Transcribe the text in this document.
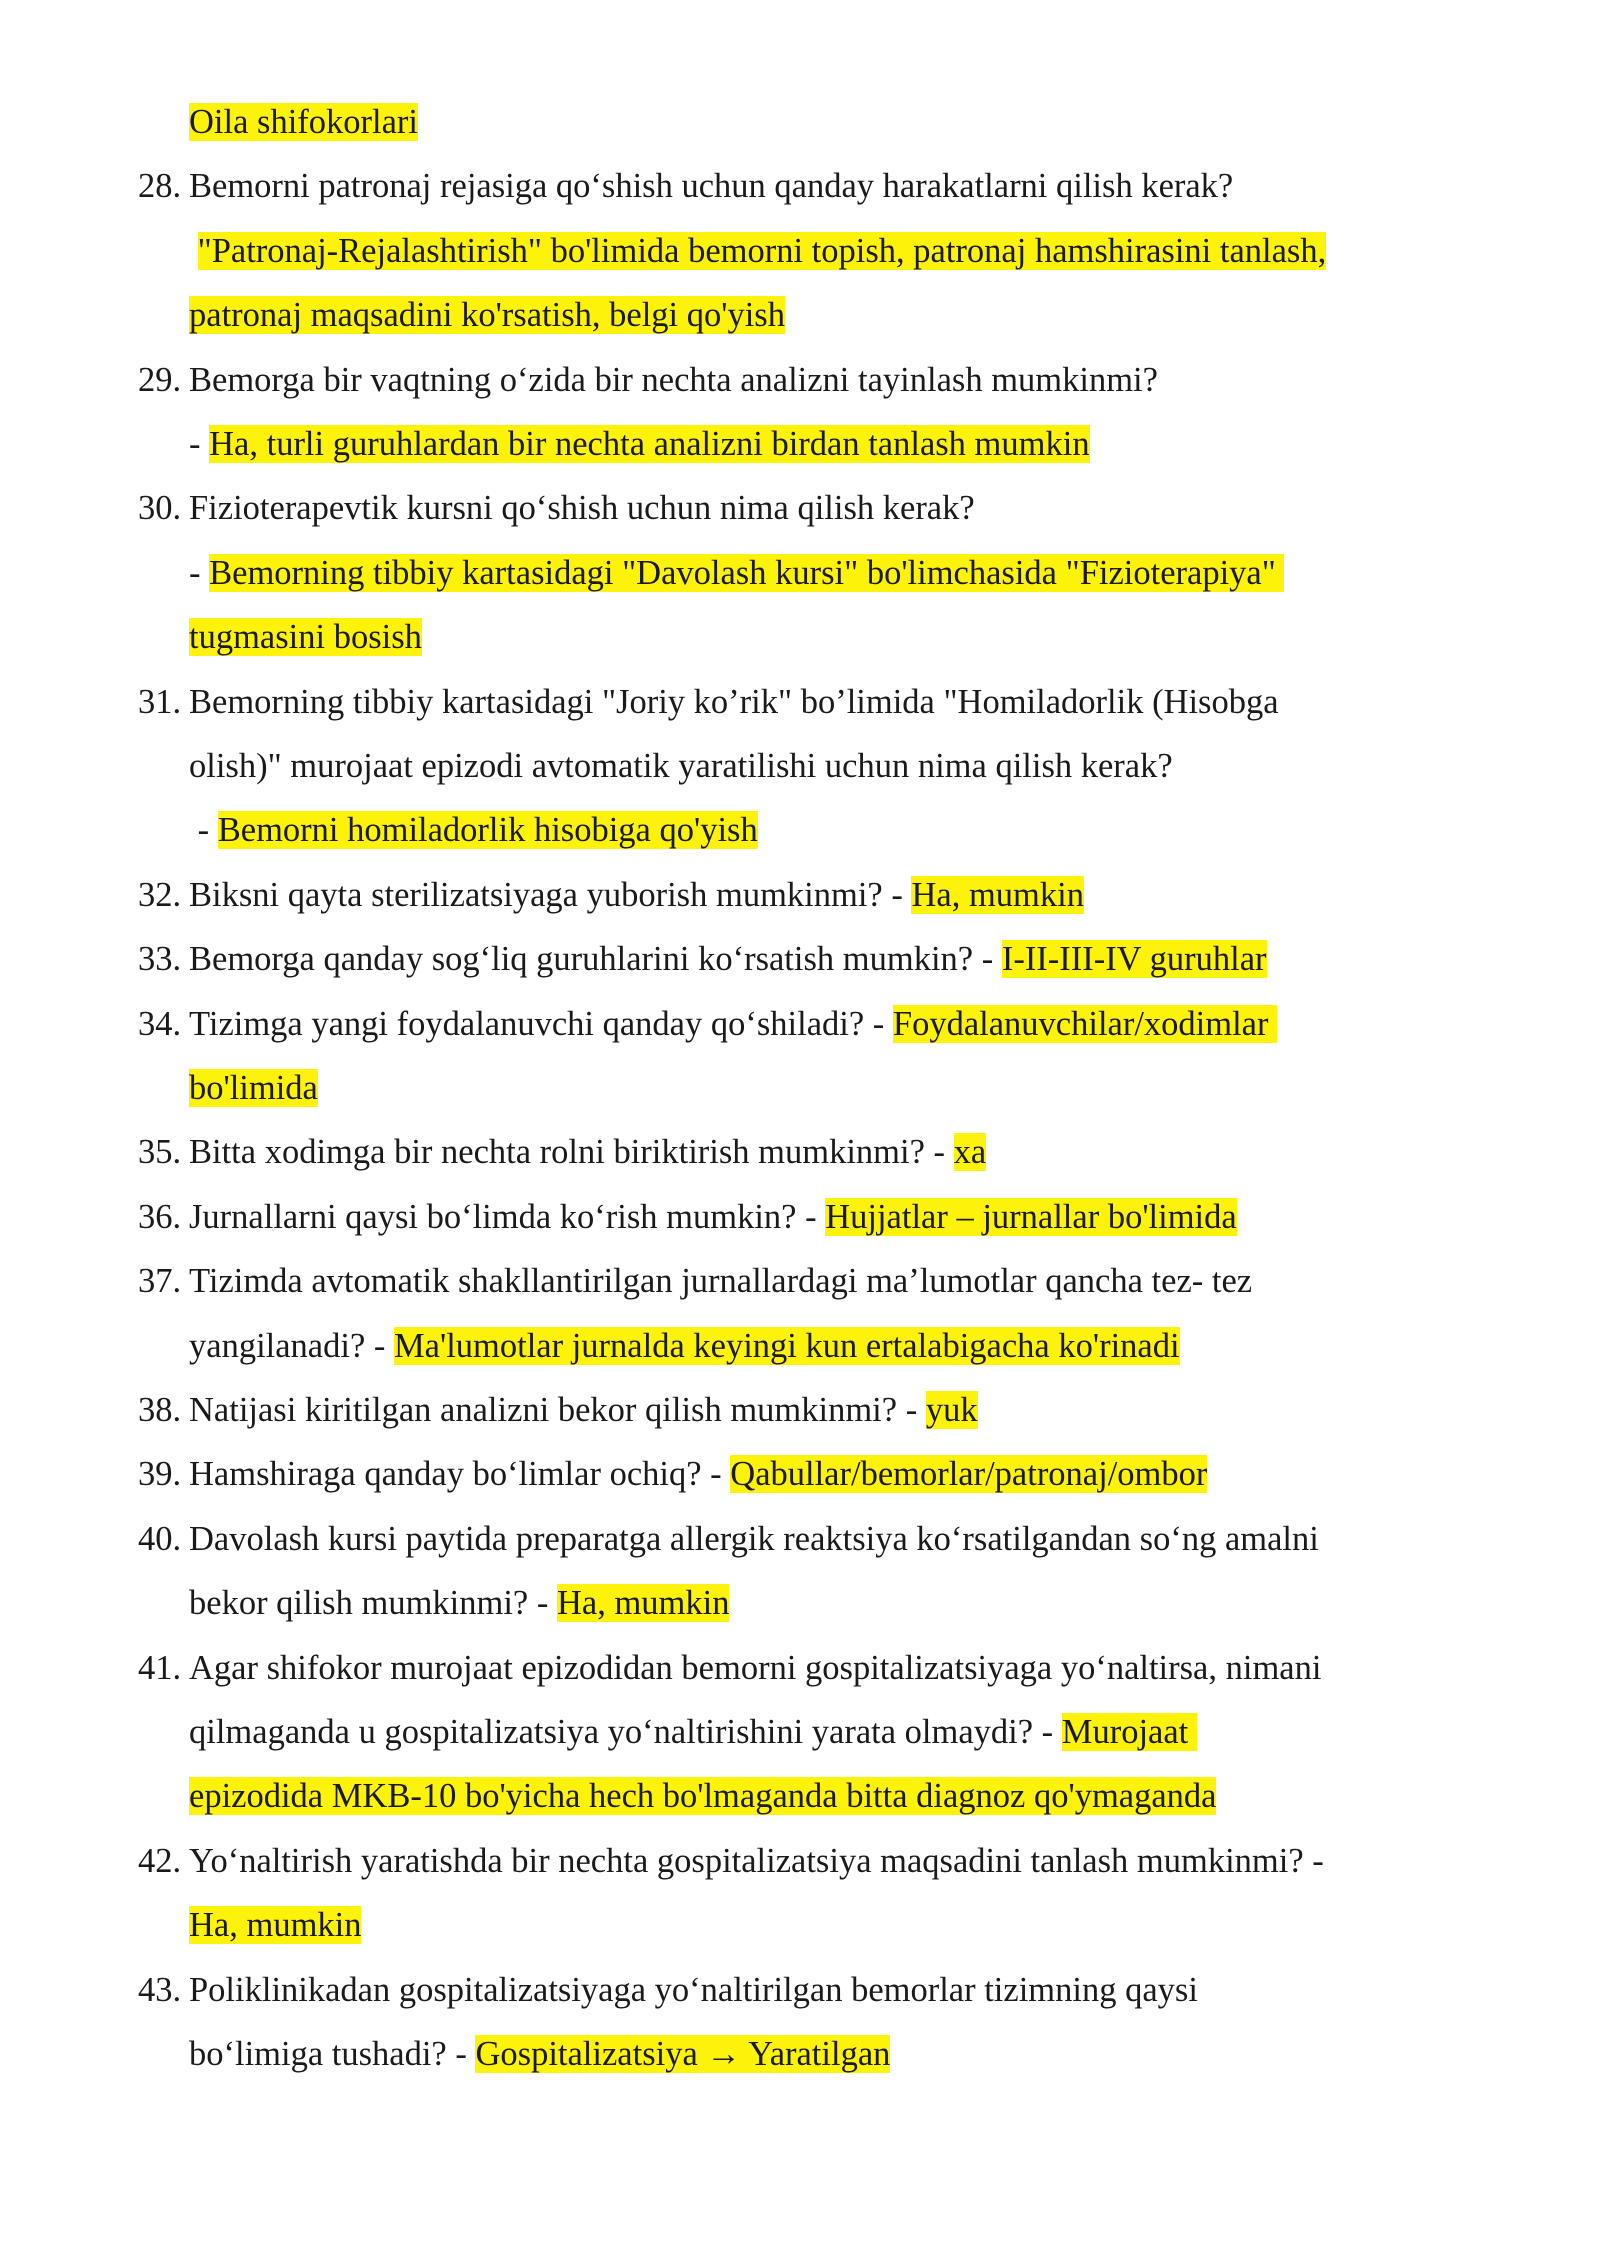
Oila shifokorlari
28. Bemorni patronaj rejasiga qo‘shish uchun qanday harakatlarni qilish kerak?
"Patronaj-Rejalashtirish" bo'limida bemorni topish, patronaj hamshirasini tanlash,
patronaj maqsadini ko'rsatish, belgi qo'yish
29. Bemorga bir vaqtning o‘zida bir nechta analizni tayinlash mumkinmi?
- Ha, turli guruhlardan bir nechta analizni birdan tanlash mumkin
30. Fizioterapevtik kursni qo‘shish uchun nima qilish kerak?
- Bemorning tibbiy kartasidagi "Davolash kursi" bo'limchasida "Fizioterapiya"
tugmasini bosish
31. Bemorning tibbiy kartasidagi "Joriy ko’rik" bo’limida "Homiladorlik (Hisobga
olish)" murojaat epizodi avtomatik yaratilishi uchun nima qilish kerak?
- Bemorni homiladorlik hisobiga qo'yish
32. Biksni qayta sterilizatsiyaga yuborish mumkinmi? - Ha, mumkin
33. Bemorga qanday sog‘liq guruhlarini ko‘rsatish mumkin? - I-II-III-IV guruhlar
34. Tizimga yangi foydalanuvchi qanday qo‘shiladi? - Foydalanuvchilar/xodimlar
bo'limida
35. Bitta xodimga bir nechta rolni biriktirish mumkinmi? - xa
36. Jurnallarni qaysi bo‘limda ko‘rish mumkin? - Hujjatlar – jurnallar bo'limida
37. Tizimda avtomatik shakllantirilgan jurnallardagi ma’lumotlar qancha tez- tez
yangilanadi? - Ma'lumotlar jurnalda keyingi kun ertalabigacha ko'rinadi
38. Natijasi kiritilgan analizni bekor qilish mumkinmi? - yuk
39. Hamshiraga qanday bo‘limlar ochiq? - Qabullar/bemorlar/patronaj/ombor
40. Davolash kursi paytida preparatga allergik reaktsiya ko‘rsatilgandan so‘ng amalni
bekor qilish mumkinmi? - Ha, mumkin
41. Agar shifokor murojaat epizodidan bemorni gospitalizatsiyaga yo‘naltirsa, nimani
qilmaganda u gospitalizatsiya yo‘naltirishini yarata olmaydi? - Murojaat
epizodida MKB-10 bo'yicha hech bo'lmaganda bitta diagnoz qo'ymaganda
42. Yo‘naltirish yaratishda bir nechta gospitalizatsiya maqsadini tanlash mumkinmi? -
Ha, mumkin
43. Poliklinikadan gospitalizatsiyaga yo‘naltirilgan bemorlar tizimning qaysi
bo‘limiga tushadi? - Gospitalizatsiya → Yaratilgan
